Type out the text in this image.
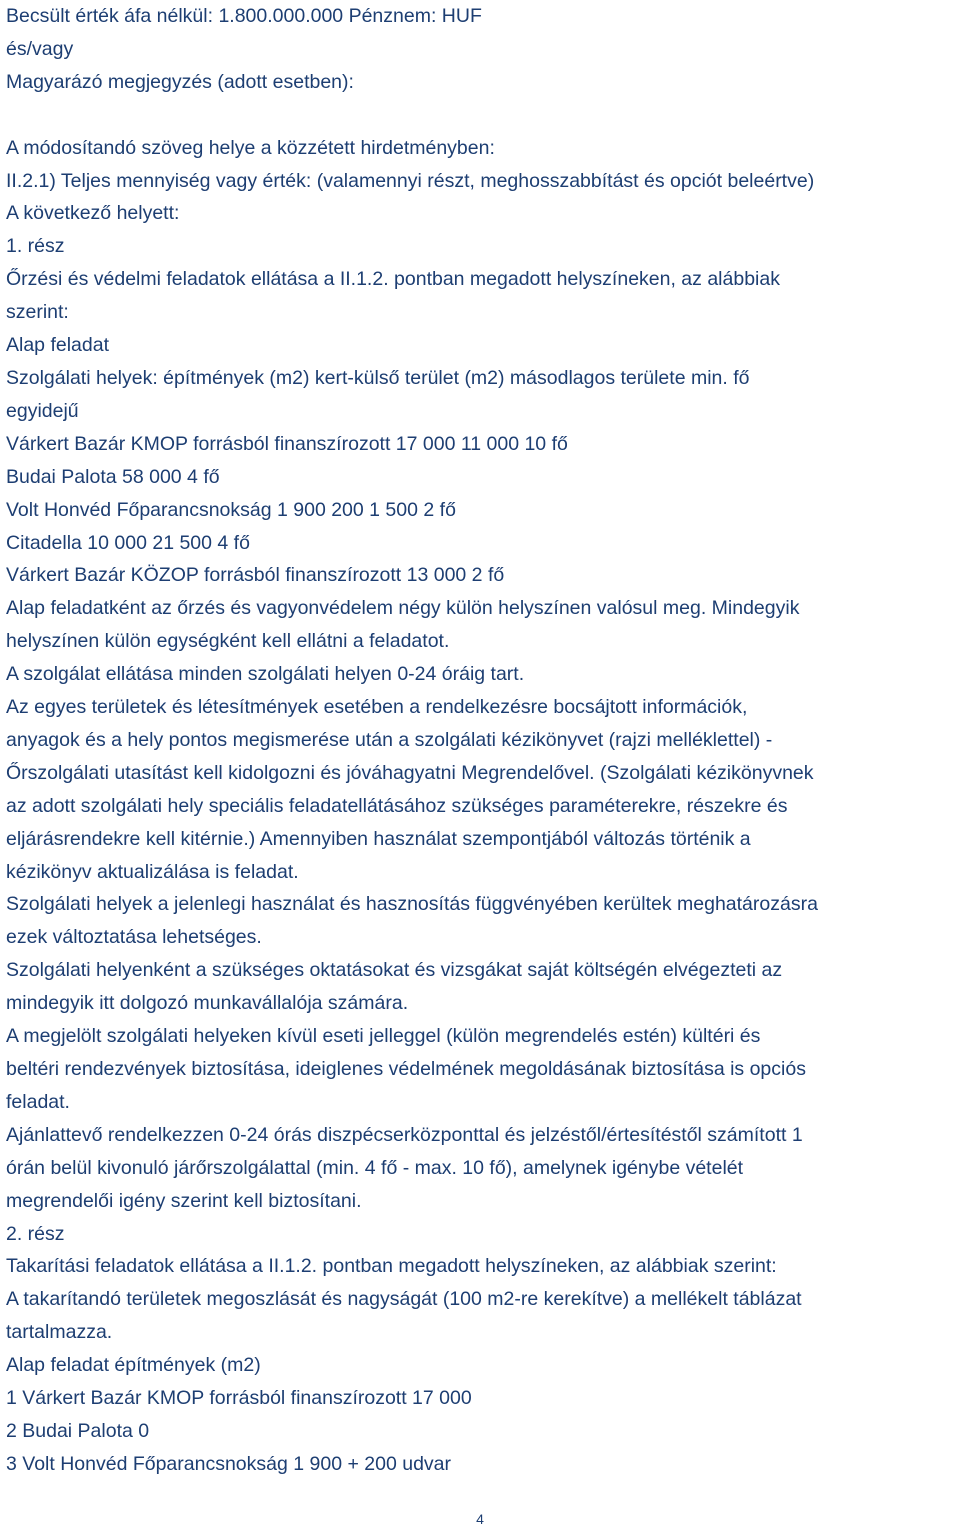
Becsült érték áfa nélkül: 1.800.000.000 Pénznem: HUF

és/vagy

Magyarázó megjegyzés (adott esetben):

A módosítandó szöveg helye a közzétett hirdetményben:

II.2.1) Teljes mennyiség vagy érték: (valamennyi részt, meghosszabbítást és opciót beleértve)

A következő helyett:

1. rész

Őrzési és védelmi feladatok ellátása a II.1.2. pontban megadott helyszíneken, az alábbiak

szerint:

Alap feladat

Szolgálati helyek: építmények (m2) kert-külső terület (m2) másodlagos területe min. fő

egyidejű

Várkert Bazár KMOP forrásból finanszírozott 17 000 11 000 10 fő

Budai Palota 58 000 4 fő

Volt Honvéd Főparancsnokság 1 900 200 1 500 2 fő

Citadella 10 000 21 500 4 fő

Várkert Bazár KÖZOP forrásból finanszírozott 13 000 2 fő

Alap feladatként az őrzés és vagyonvédelem négy külön helyszínen valósul meg. Mindegyik

helyszínen külön egységként kell ellátni a feladatot.

A szolgálat ellátása minden szolgálati helyen 0-24 óráig tart.

Az egyes területek és létesítmények esetében a rendelkezésre bocsájtott információk,

anyagok és a hely pontos megismerése után a szolgálati kézikönyvet (rajzi melléklettel) -

Őrszolgálati utasítást kell kidolgozni és jóváhagyatni Megrendelővel. (Szolgálati kézikönyvnek

az adott szolgálati hely speciális feladatellátásához szükséges paraméterekre, részekre és

eljárásrendekre kell kitérnie.) Amennyiben használat szempontjából változás történik a

kézikönyv aktualizálása is feladat.

Szolgálati helyek a jelenlegi használat és hasznosítás függvényében kerültek meghatározásra

ezek változtatása lehetséges.

Szolgálati helyenként a szükséges oktatásokat és vizsgákat saját költségén elvégezteti az

mindegyik itt dolgozó munkavállalója számára.

A megjelölt szolgálati helyeken kívül eseti jelleggel (külön megrendelés estén) kültéri és

beltéri rendezvények biztosítása, ideiglenes védelmének megoldásának biztosítása is opciós

feladat.

Ajánlattevő rendelkezzen 0-24 órás diszpécserközponttal és jelzéstől/értesítéstől számított 1

órán belül kivonuló járőrszolgálattal (min. 4 fő - max. 10 fő), amelynek igénybe vételét

megrendelői igény szerint kell biztosítani.

2. rész

Takarítási feladatok ellátása a II.1.2. pontban megadott helyszíneken, az alábbiak szerint:

A takarítandó területek megoszlását és nagyságát (100 m2-re kerekítve) a mellékelt táblázat

tartalmazza.

Alap feladat építmények (m2)

1 Várkert Bazár KMOP forrásból finanszírozott 17 000

2 Budai Palota 0

3 Volt Honvéd Főparancsnokság 1 900 + 200 udvar

4
